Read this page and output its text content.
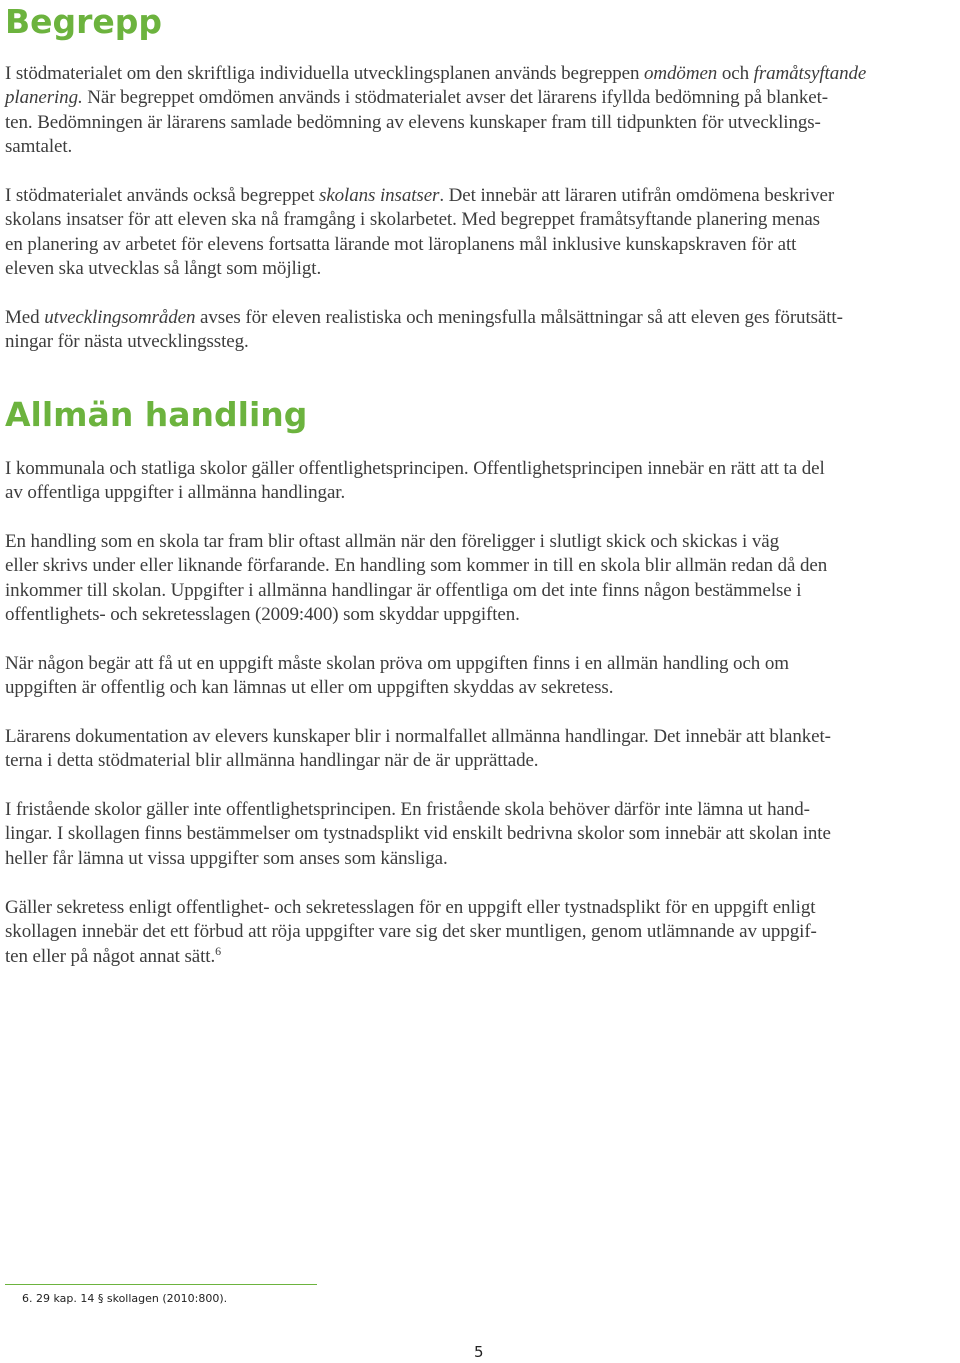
Begrepp
I stödmaterialet om den skriftliga individuella utvecklingsplanen används begreppen omdömen och framåtsyftande
planering. När begreppet omdömen används i stödmaterialet avser det lärarens ifyllda bedömning på blanket-
ten. Bedömningen är lärarens samlade bedömning av elevens kunskaper fram till tidpunkten för utvecklings-
samtalet.
I stödmaterialet används också begreppet skolans insatser. Det innebär att läraren utifrån omdömena beskriver
skolans insatser för att eleven ska nå framgång i skolarbetet. Med begreppet framåtsyftande planering menas
en planering av arbetet för elevens fortsatta lärande mot läroplanens mål inklusive kunskapskraven för att
eleven ska utvecklas så långt som möjligt.
Med utvecklingsområden avses för eleven realistiska och meningsfulla målsättningar så att eleven ges förutsätt-
ningar för nästa utvecklingssteg.
Allmän handling
I kommunala och statliga skolor gäller offentlighetsprincipen. Offentlighetsprincipen innebär en rätt att ta del
av offentliga uppgifter i allmänna handlingar.
En handling som en skola tar fram blir oftast allmän när den föreligger i slutligt skick och skickas i väg
eller skrivs under eller liknande förfarande. En handling som kommer in till en skola blir allmän redan då den
inkommer till skolan. Uppgifter i allmänna handlingar är offentliga om det inte finns någon bestämmelse i
offentlighets- och sekretesslagen (2009:400) som skyddar uppgiften.
När någon begär att få ut en uppgift måste skolan pröva om uppgiften finns i en allmän handling och om
uppgiften är offentlig och kan lämnas ut eller om uppgiften skyddas av sekretess.
Lärarens dokumentation av elevers kunskaper blir i normalfallet allmänna handlingar. Det innebär att blanket-
terna i detta stödmaterial blir allmänna handlingar när de är upprättade.
I fristående skolor gäller inte offentlighetsprincipen. En fristående skola behöver därför inte lämna ut hand-
lingar. I skollagen finns bestämmelser om tystnadsplikt vid enskilt bedrivna skolor som innebär att skolan inte
heller får lämna ut vissa uppgifter som anses som känsliga.
Gäller sekretess enligt offentlighet- och sekretesslagen för en uppgift eller tystnadsplikt för en uppgift enligt
skollagen innebär det ett förbud att röja uppgifter vare sig det sker muntligen, genom utlämnande av uppgif-
ten eller på något annat sätt.$^6$

6. 29 kap. 14 § skollagen (2010:800).

5
